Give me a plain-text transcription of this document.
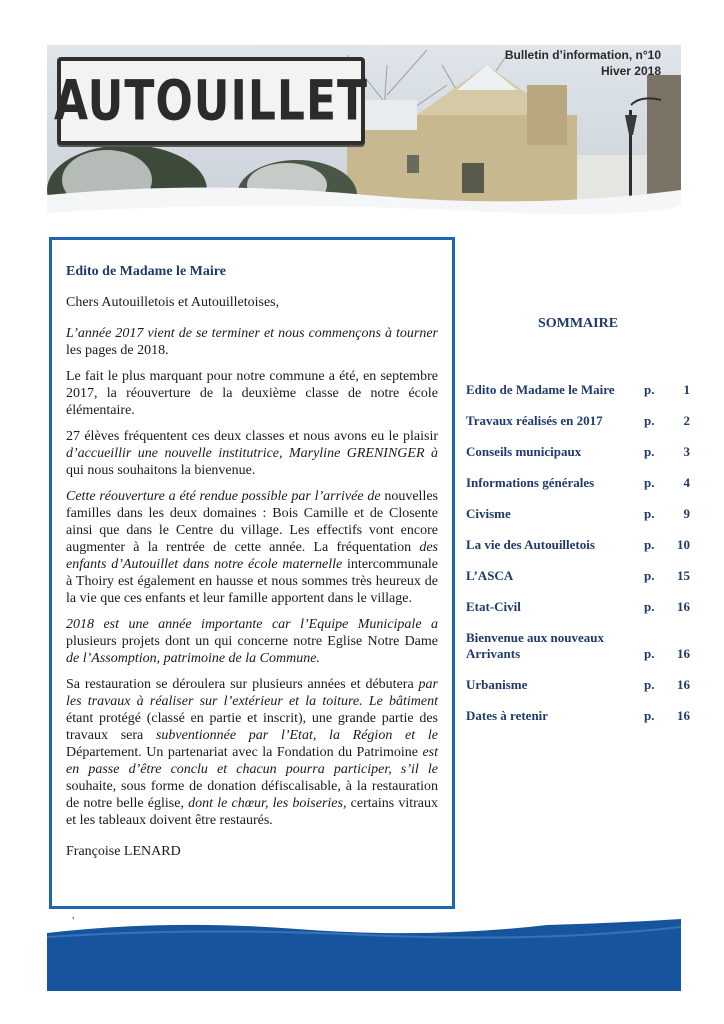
AUTOUILLET
Bulletin d’information, n°10
Hiver 2018
Edito de Madame le Maire

Chers Autouilletois et Autouilletoises,

L’année 2017 vient de se terminer et nous commençons à tourner les pages de 2018.

Le fait le plus marquant pour notre commune a été, en septembre 2017, la réouverture de la deuxième classe de notre école élémentaire.

27 élèves fréquentent ces deux classes et nous avons eu le plaisir d’accueillir une nouvelle institutrice, Maryline GRENINGER à qui nous souhaitons la bienvenue.

Cette réouverture a été rendue possible par l’arrivée de nouvelles familles dans les deux domaines : Bois Camille et de Closente ainsi que dans le Centre du village. Les effectifs vont encore augmenter à la rentrée de cette année. La fréquentation des enfants d’Autouillet dans notre école maternelle intercommunale à Thoiry est également en hausse et nous sommes très heureux de la vie que ces enfants et leur famille apportent dans le village.

2018 est une année importante car l’Equipe Municipale a plusieurs projets dont un qui concerne notre Eglise Notre Dame de l’Assomption, patrimoine de la Commune.

Sa restauration se déroulera sur plusieurs années et débutera par les travaux à réaliser sur l’extérieur et la toiture. Le bâtiment étant protégé (classé en partie et inscrit), une grande partie des travaux sera subventionnée par l’Etat, la Région et le Département. Un partenariat avec la Fondation du Patrimoine est en passe d’être conclu et chacun pourra participer, s’il le souhaite, sous forme de donation défiscalisable, à la restauration de notre belle église, dont le chœur, les boiseries, certains vitraux et les tableaux doivent être restaurés.

Françoise LENARD

SOMMAIRE
Edito de Madame le Maire	p. 1
Travaux réalisés en 2017	p. 2
Conseils municipaux	p. 3
Informations générales	p. 4
Civisme	p. 9
La vie des Autouilletois	p. 10
L’ASCA	p. 15
Etat-Civil	p. 16
Bienvenue aux nouveaux Arrivants	p. 16
Urbanisme	p. 16
Dates à retenir	p. 16
,
